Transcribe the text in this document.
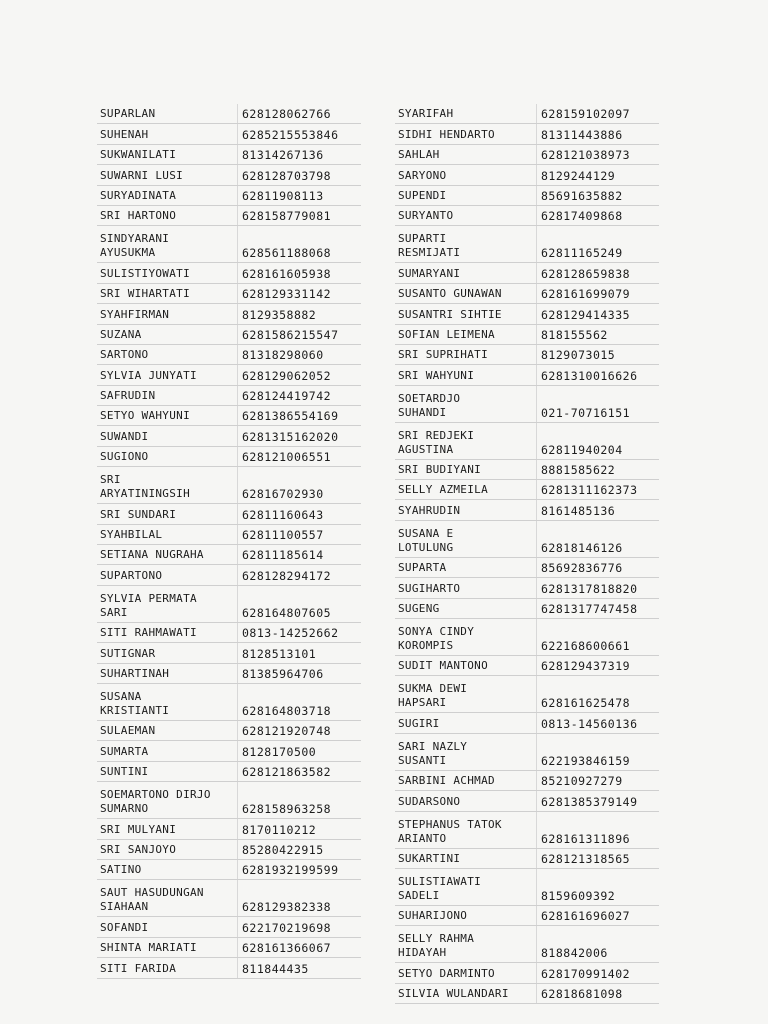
SUPARLAN	628128062766
SUHENAH	6285215553846
SUKWANILATI	81314267136
SUWARNI LUSI	628128703798
SURYADINATA	62811908113
SRI HARTONO	628158779081
SINDYARANI
AYUSUKMA	628561188068
SULISTIYOWATI	628161605938
SRI WIHARTATI	628129331142
SYAHFIRMAN	8129358882
SUZANA	6281586215547
SARTONO	81318298060
SYLVIA JUNYATI	628129062052
SAFRUDIN	628124419742
SETYO WAHYUNI	6281386554169
SUWANDI	6281315162020
SUGIONO	628121006551
SRI
ARYATININGSIH	62816702930
SRI SUNDARI	62811160643
SYAHBILAL	62811100557
SETIANA NUGRAHA	62811185614
SUPARTONO	628128294172
SYLVIA PERMATA
SARI	628164807605
SITI RAHMAWATI	0813-14252662
SUTIGNAR	8128513101
SUHARTINAH	81385964706
SUSANA
KRISTIANTI	628164803718
SULAEMAN	628121920748
SUMARTA	8128170500
SUNTINI	628121863582
SOEMARTONO DIRJO
SUMARNO	628158963258
SRI MULYANI	8170110212
SRI SANJOYO	85280422915
SATINO	6281932199599
SAUT HASUDUNGAN
SIAHAAN	628129382338
SOFANDI	622170219698
SHINTA MARIATI	628161366067
SITI FARIDA	811844435
SYARIFAH	628159102097
SIDHI HENDARTO	81311443886
SAHLAH	628121038973
SARYONO	8129244129
SUPENDI	85691635882
SURYANTO	62817409868
SUPARTI
RESMIJATI	62811165249
SUMARYANI	628128659838
SUSANTO GUNAWAN	628161699079
SUSANTRI SIHTIE	628129414335
SOFIAN LEIMENA	818155562
SRI SUPRIHATI	8129073015
SRI WAHYUNI	6281310016626
SOETARDJO
SUHANDI	021-70716151
SRI REDJEKI
AGUSTINA	62811940204
SRI BUDIYANI	8881585622
SELLY AZMEILA	6281311162373
SYAHRUDIN	8161485136
SUSANA E
LOTULUNG	62818146126
SUPARTA	85692836776
SUGIHARTO	6281317818820
SUGENG	6281317747458
SONYA CINDY
KOROMPIS	622168600661
SUDIT MANTONO	628129437319
SUKMA DEWI
HAPSARI	628161625478
SUGIRI	0813-14560136
SARI NAZLY
SUSANTI	622193846159
SARBINI ACHMAD	85210927279
SUDARSONO	6281385379149
STEPHANUS TATOK
ARIANTO	628161311896
SUKARTINI	628121318565
SULISTIAWATI
SADELI	8159609392
SUHARIJONO	628161696027
SELLY RAHMA
HIDAYAH	818842006
SETYO DARMINTO	628170991402
SILVIA WULANDARI	62818681098
